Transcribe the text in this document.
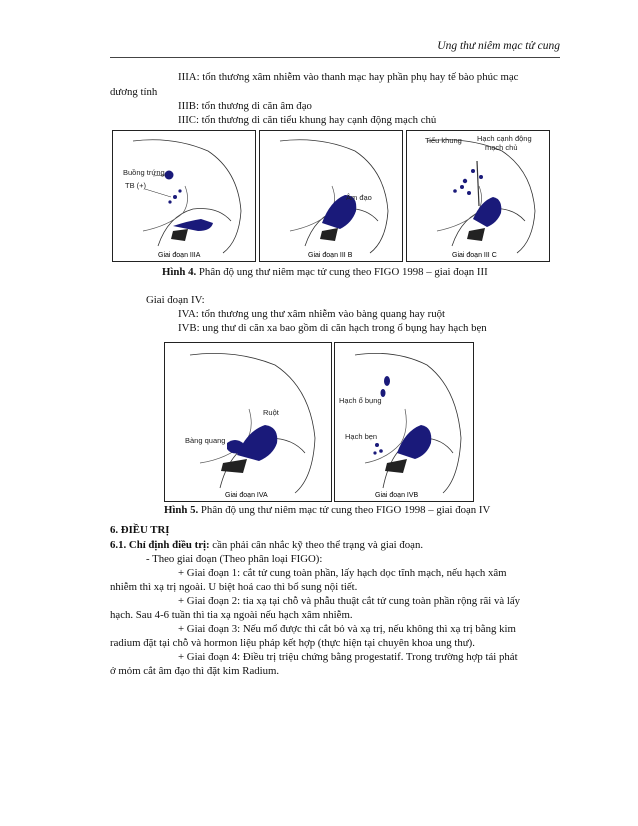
Ung thư niêm mạc tử cung
IIIA: tổn thương xâm nhiễm vào thanh mạc hay phần phụ hay tế bào phúc mạc
dương tính
IIIB: tổn thương di căn âm đạo
IIIC: tổn thương di căn tiểu khung hay cạnh động mạch chủ
Buồng trứng
TB (+)
Giai đoạn IIIA
Âm đạo
Giai đoạn III B
Tiểu khung Hạch cạnh động
mạch chủ
Giai đoạn III C
Hình 4. Phân độ ung thư niêm mạc tử cung theo FIGO 1998 – giai đoạn III
Giai đoạn IV:
IVA: tổn thương ung thư xâm nhiễm vào bàng quang hay ruột
IVB: ung thư di căn xa bao gồm di căn hạch trong ổ bụng hay hạch bẹn
Ruột
Bàng quang
Giai đoạn IVA
Hạch ổ bụng
Hạch bẹn
Giai đoạn IVB
Hình 5. Phân độ ung thư niêm mạc tử cung theo FIGO 1998 – giai đoạn IV
6. ĐIỀU TRỊ
6.1. Chỉ định điều trị: cần phải cân nhắc kỹ theo thể trạng và giai đoạn.
- Theo giai đoạn (Theo phân loại FIGO):
+ Giai đoạn 1: cắt tử cung toàn phần, lấy hạch dọc tĩnh mạch, nếu hạch xâm
nhiễm thì xạ trị ngoài. U biệt hoá cao thì bổ sung nội tiết.
+ Giai đoạn 2: tia xạ tại chỗ và phẫu thuật cắt tử cung toàn phần rộng rãi và lấy
hạch. Sau 4-6 tuần thì tia xạ ngoài nếu hạch xâm nhiễm.
+ Giai đoạn 3: Nếu mổ được thì cắt bỏ và xạ trị, nếu không thì xạ trị bằng kim
radium đặt tại chỗ và hormon liệu pháp kết hợp (thực hiện tại chuyên khoa ung thư).
+ Giai đoạn 4: Điều trị triệu chứng bằng progestatif. Trong trường hợp tái phát
ở mỏm cắt âm đạo thì đặt kim Radium.
